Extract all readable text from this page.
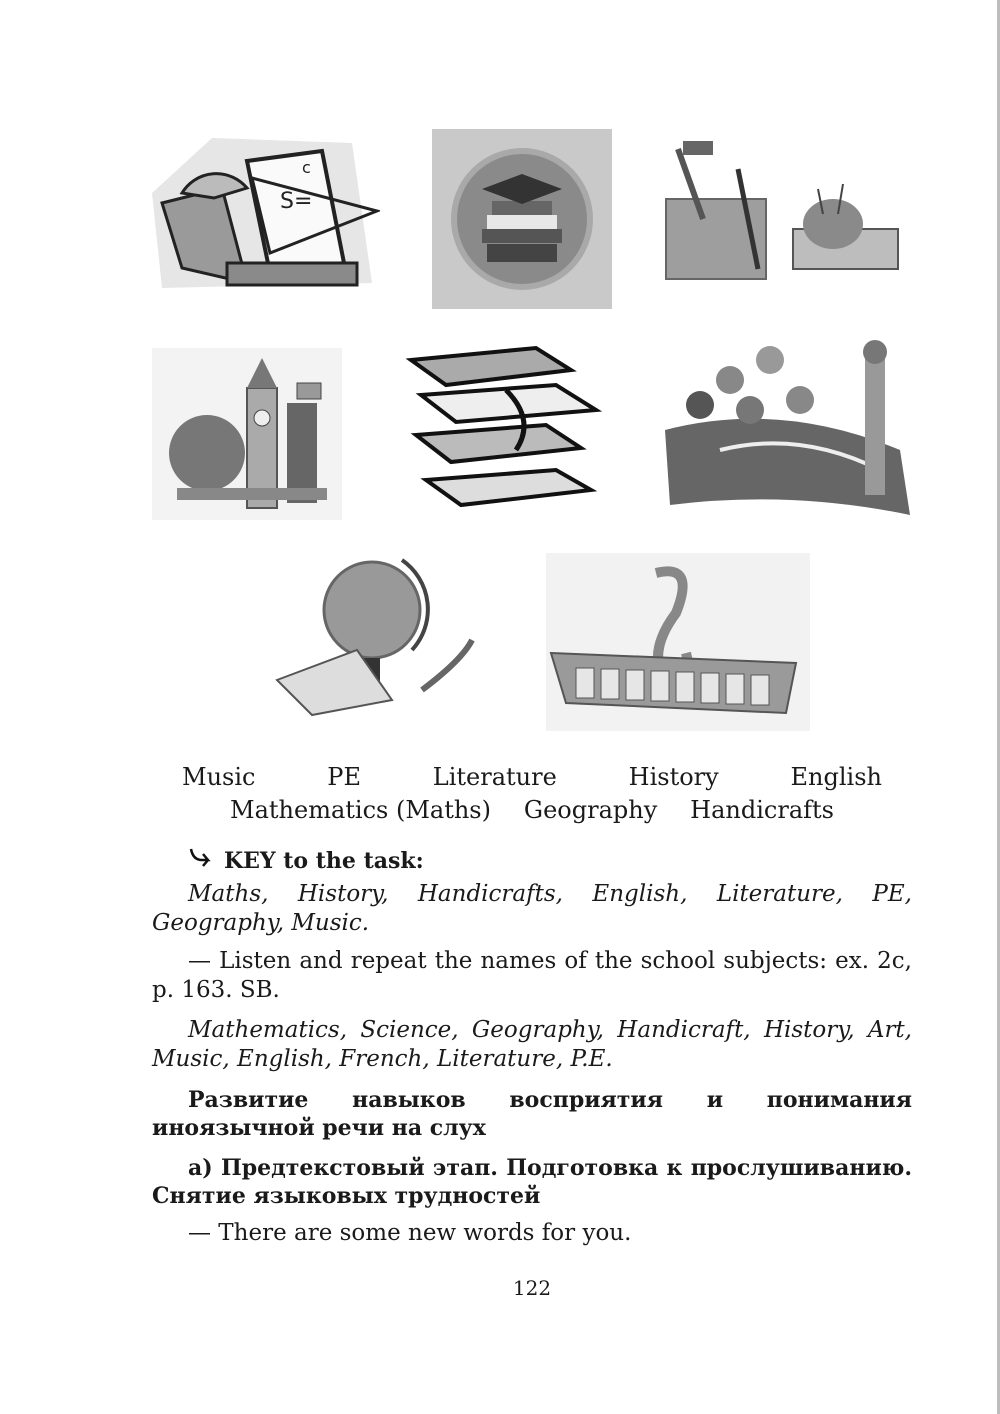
S=
c
Music	PE	Literature	History	English
Mathematics (Maths) Geography Handicrafts
KEY to the task:
Maths, History, Handicrafts, English, Literature, PE, Geography, Music.
— Listen and repeat the names of the school subjects: ex. 2c, p. 163. SB.
Mathematics, Science, Geography, Handicraft, History, Art, Music, English, French, Literature, P.E.
Развитие навыков восприятия и понимания иноязычной речи на слух
а) Предтекстовый этап. Подготовка к прослушиванию. Снятие языковых трудностей
— There are some new words for you.
122
